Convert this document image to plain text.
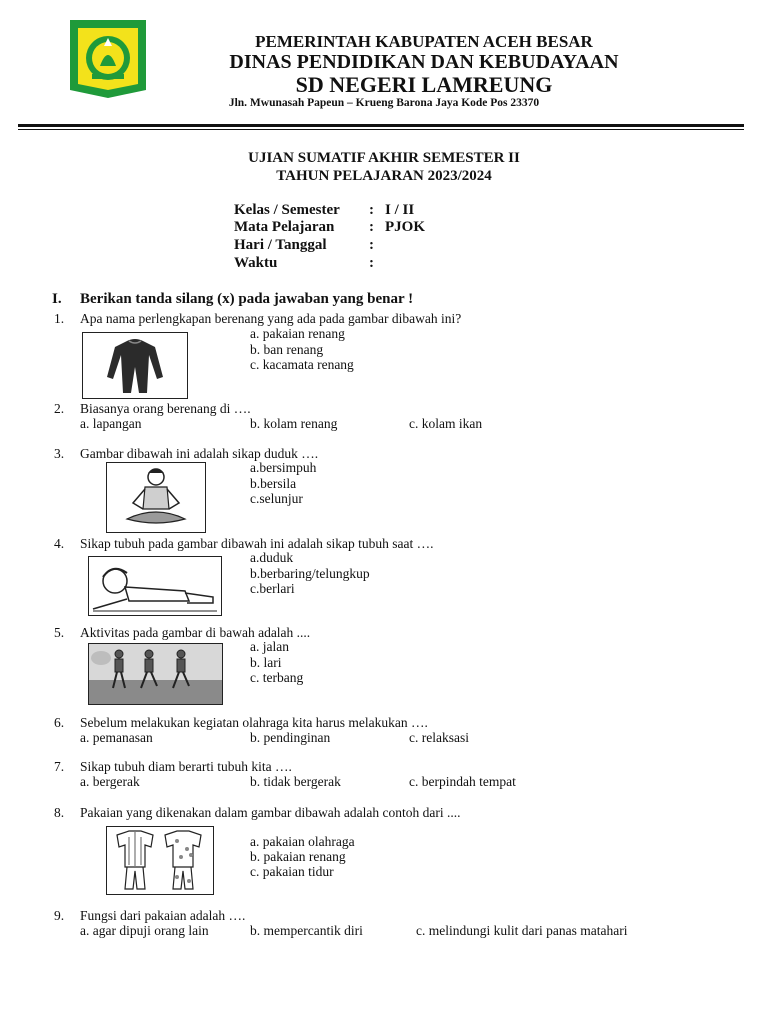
PEMERINTAH KABUPATEN ACEH BESAR
DINAS PENDIDIKAN DAN KEBUDAYAAN
SD NEGERI LAMREUNG
Jln. Mwunasah Papeun – Krueng Barona Jaya Kode Pos 23370
UJIAN SUMATIF AKHIR SEMESTER II
TAHUN PELAJARAN 2023/2024
Kelas / Semester : I / II
Mata Pelajaran : PJOK
Hari / Tanggal	:
Waktu	:
I. Berikan tanda silang (x) pada jawaban yang benar !
1. Apa nama perlengkapan berenang yang ada pada gambar dibawah ini?
a. pakaian renang
b. ban renang
c. kacamata renang
2. Biasanya orang berenang di ….
a. lapangan	b. kolam renang	c. kolam ikan
3. Gambar dibawah ini adalah sikap duduk ….
a.bersimpuh
b.bersila
c.selunjur
4. Sikap tubuh pada gambar dibawah ini adalah sikap tubuh saat ….
a.duduk
b.berbaring/telungkup
c.berlari
5. Aktivitas pada gambar di bawah adalah ....
a. jalan
b. lari
c. terbang
6. Sebelum melakukan kegiatan olahraga kita harus melakukan ….
a. pemanasan	b. pendinginan	c. relaksasi
7. Sikap tubuh diam berarti tubuh kita ….
a. bergerak	b. tidak bergerak	c. berpindah tempat
8. Pakaian yang dikenakan dalam gambar dibawah adalah contoh dari ....
a. pakaian olahraga
b. pakaian renang
c. pakaian tidur
9. Fungsi dari pakaian adalah ….
a. agar dipuji orang lain	b. mempercantik diri	c. melindungi kulit dari panas matahari
